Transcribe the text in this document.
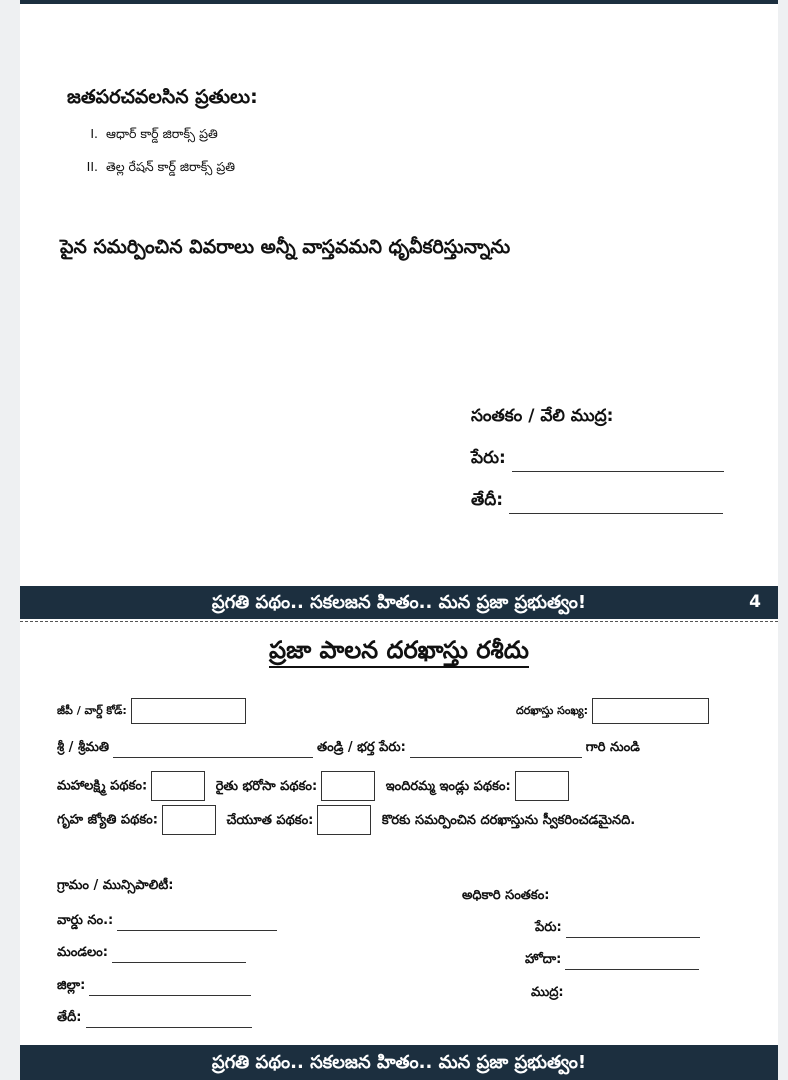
జతపరచవలసిన ప్రతులు:
I. ఆధార్ కార్డ్ జిరాక్స్ ప్రతి
II. తెల్ల రేషన్ కార్డ్ జిరాక్స్ ప్రతి
పైన సమర్పించిన వివరాలు అన్నీ వాస్తవమని ధృవీకరిస్తున్నాను
సంతకం / వేలి ముద్ర:
పేరు:
తేదీ:
ప్రగతి పథం.. సకలజన హితం.. మన ప్రజా ప్రభుత్వం!	4
ప్రజా పాలన దరఖాస్తు రశీదు
జీపీ / వార్డ్ కోడ్:	దరఖాస్తు సంఖ్య:
శ్రీ / శ్రీమతి	తండ్రి / భర్త పేరు:	గారి నుండి
మహాలక్ష్మి పథకం:	రైతు భరోసా పథకం:	ఇందిరమ్మ ఇండ్లు పథకం:
గృహ జ్యోతి పథకం:	చేయూత పథకం:	కొరకు సమర్పించిన దరఖాస్తును స్వీకరించడమైనది.
గ్రామం / మున్సిపాలిటీ:
వార్డు నం.:
మండలం:
జిల్లా:
తేదీ:
అధికారి సంతకం:
పేరు:
హోదా:
ముద్ర:
ప్రగతి పథం.. సకలజన హితం.. మన ప్రజా ప్రభుత్వం!
